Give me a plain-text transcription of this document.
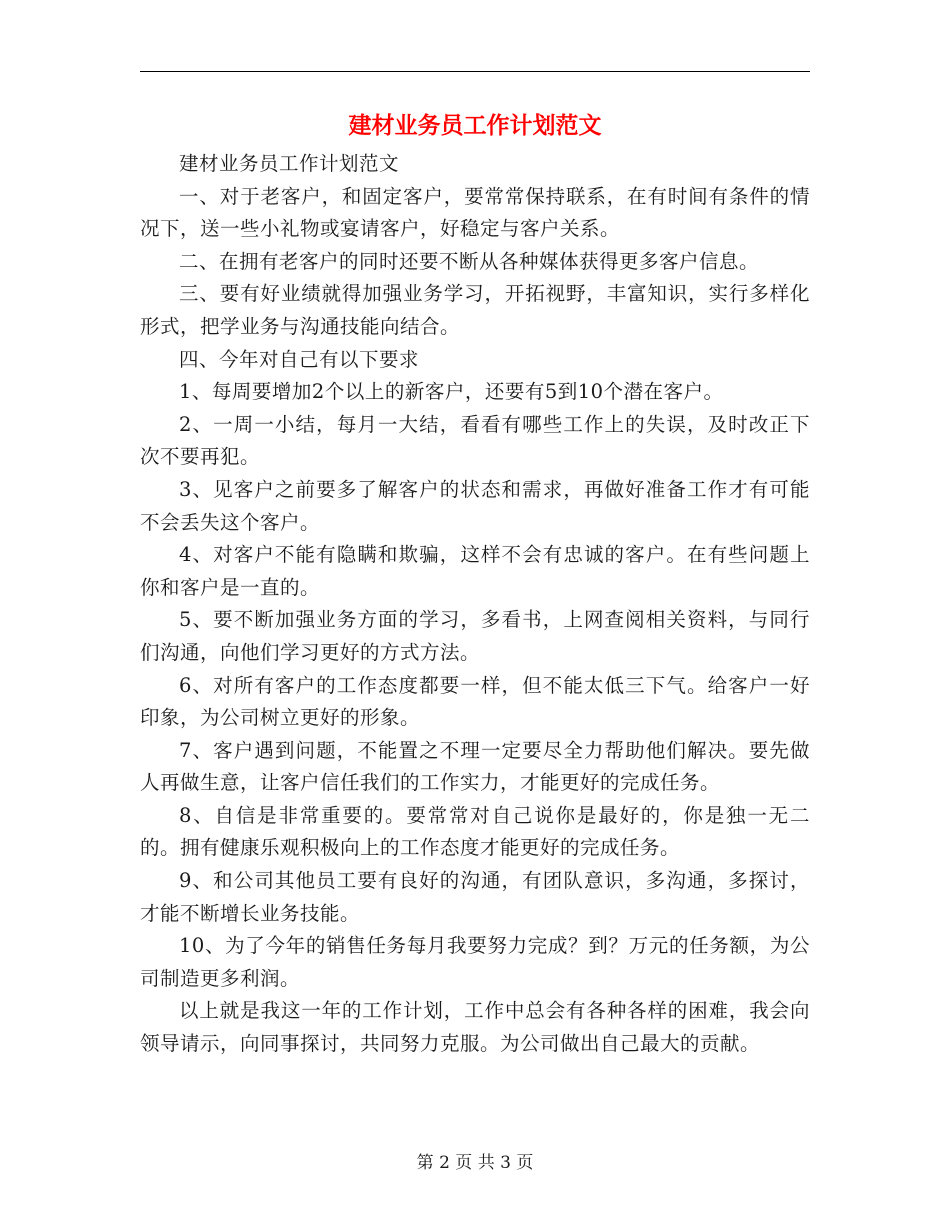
建材业务员工作计划范文

建材业务员工作计划范文

一、对于老客户，和固定客户，要常常保持联系，在有时间有条件的情况下，送一些小礼物或宴请客户，好稳定与客户关系。

二、在拥有老客户的同时还要不断从各种媒体获得更多客户信息。

三、要有好业绩就得加强业务学习，开拓视野，丰富知识，实行多样化形式，把学业务与沟通技能向结合。

四、今年对自己有以下要求

1、每周要增加2个以上的新客户，还要有5到10个潜在客户。

2、一周一小结，每月一大结，看看有哪些工作上的失误，及时改正下次不要再犯。

3、见客户之前要多了解客户的状态和需求，再做好准备工作才有可能不会丢失这个客户。

4、对客户不能有隐瞒和欺骗，这样不会有忠诚的客户。在有些问题上你和客户是一直的。

5、要不断加强业务方面的学习，多看书，上网查阅相关资料，与同行们沟通，向他们学习更好的方式方法。

6、对所有客户的工作态度都要一样，但不能太低三下气。给客户一好印象，为公司树立更好的形象。

7、客户遇到问题，不能置之不理一定要尽全力帮助他们解决。要先做人再做生意，让客户信任我们的工作实力，才能更好的完成任务。

8、自信是非常重要的。要常常对自己说你是最好的，你是独一无二的。拥有健康乐观积极向上的工作态度才能更好的完成任务。

9、和公司其他员工要有良好的沟通，有团队意识，多沟通，多探讨，才能不断增长业务技能。

10、为了今年的销售任务每月我要努力完成？到？万元的任务额，为公司制造更多利润。

以上就是我这一年的工作计划，工作中总会有各种各样的困难，我会向领导请示，向同事探讨，共同努力克服。为公司做出自己最大的贡献。

第 2 页 共 3 页
